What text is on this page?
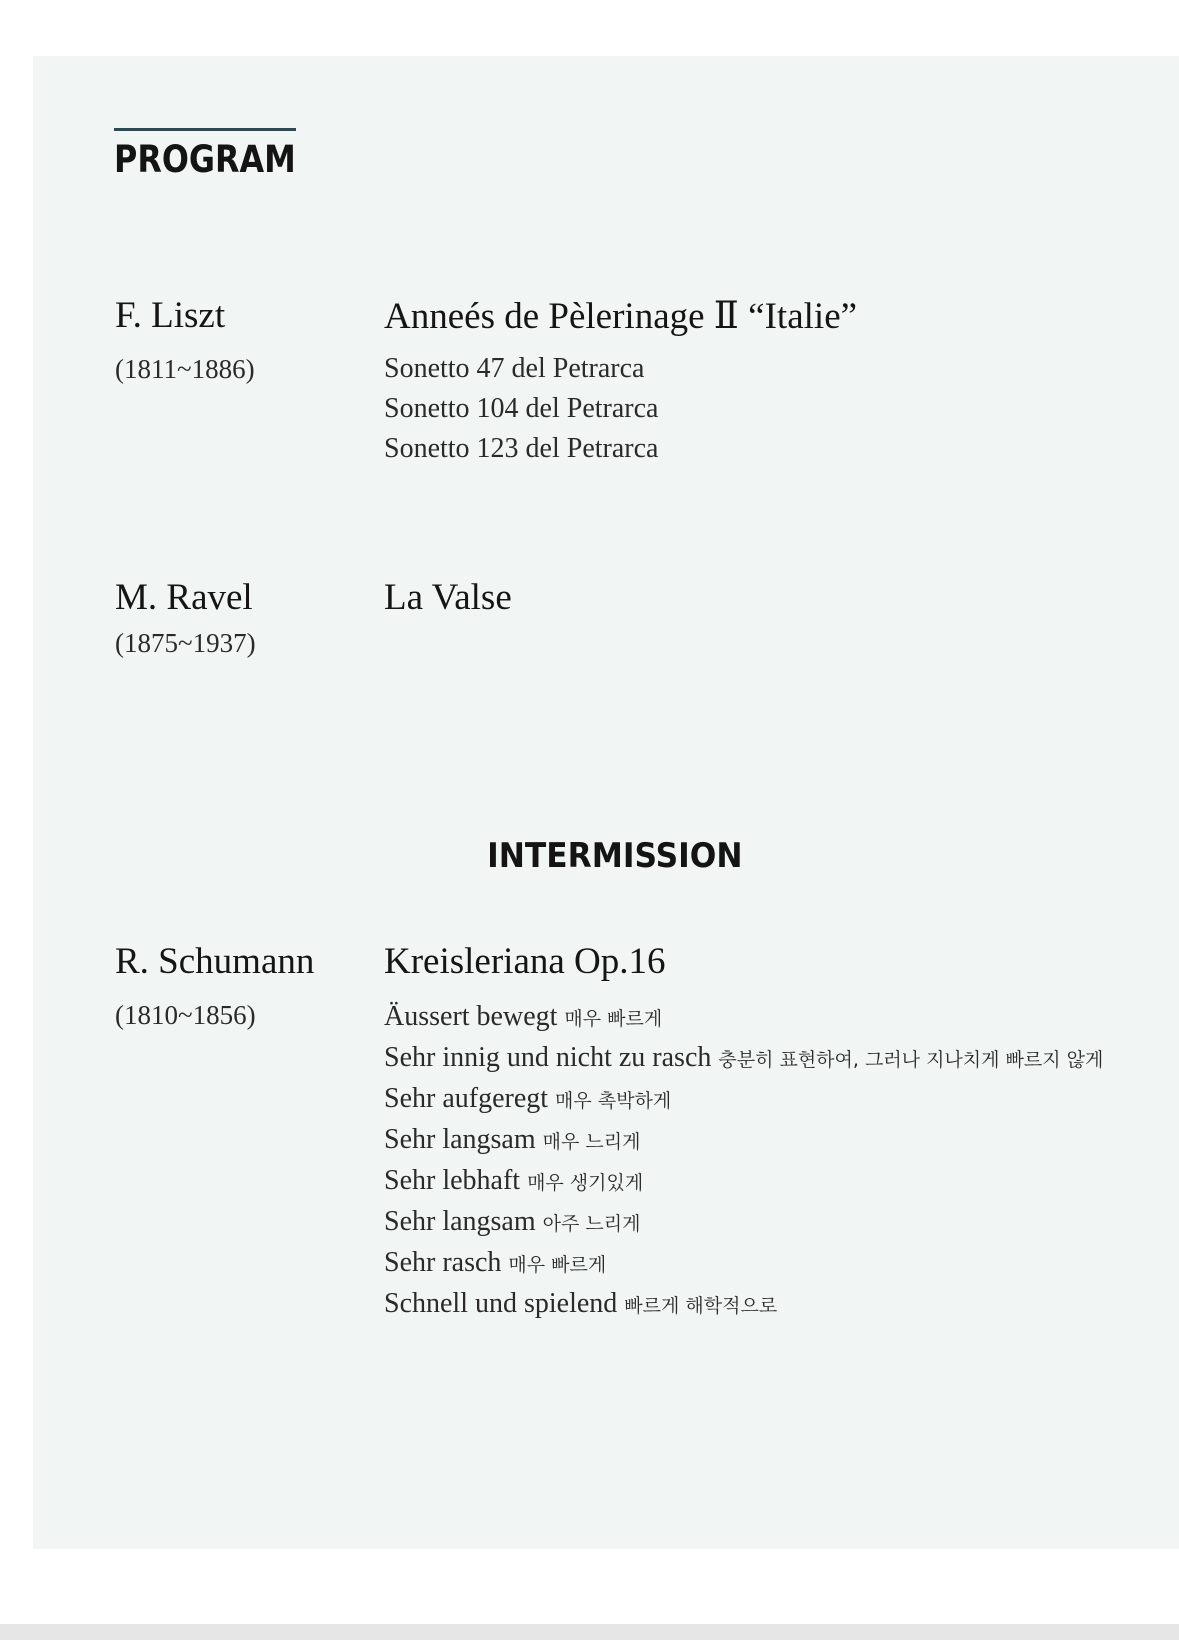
PROGRAM
F. Liszt
(1811~1886)
Anneés de Pèlerinage Ⅱ “Italie”
Sonetto 47 del Petrarca
Sonetto 104 del Petrarca
Sonetto 123 del Petrarca
M. Ravel
(1875~1937)
La Valse
INTERMISSION
R. Schumann
(1810~1856)
Kreisleriana Op.16
Äussert bewegt 매우 빠르게
Sehr innig und nicht zu rasch 충분히 표현하여, 그러나 지나치게 빠르지 않게
Sehr aufgeregt 매우 촉박하게
Sehr langsam 매우 느리게
Sehr lebhaft 매우 생기있게
Sehr langsam 아주 느리게
Sehr rasch 매우 빠르게
Schnell und spielend 빠르게 해학적으로
